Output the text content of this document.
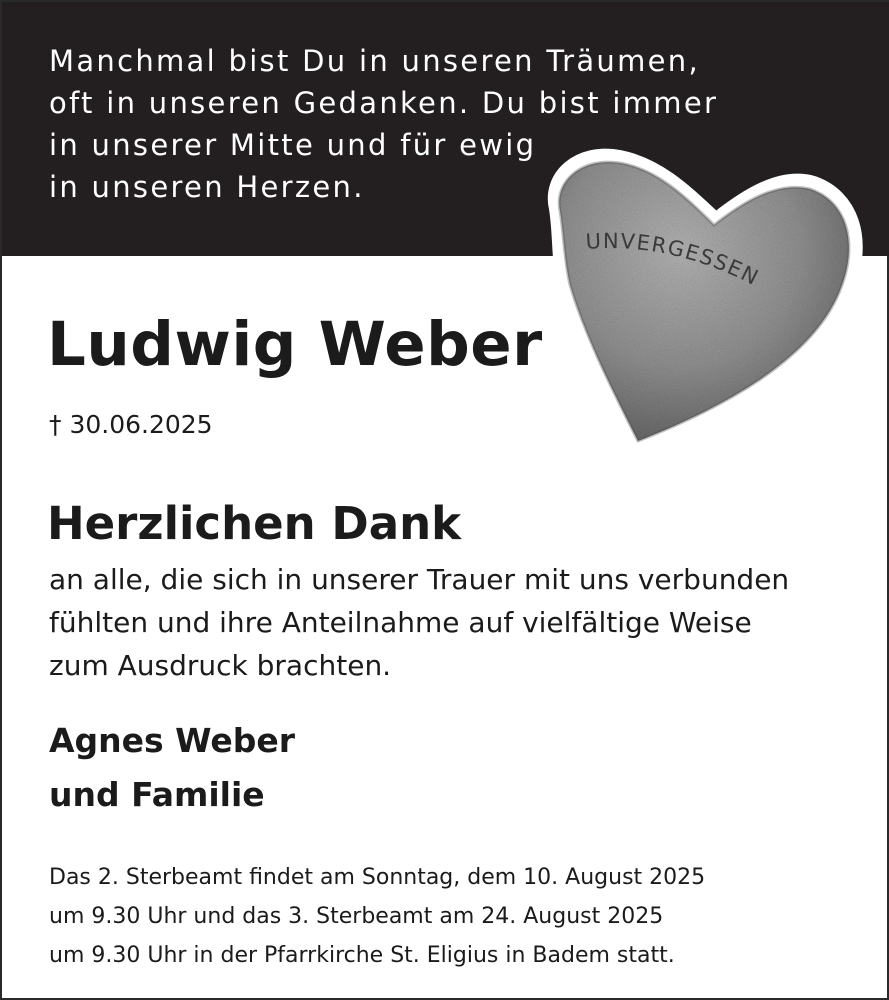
Manchmal bist Du in unseren Träumen,
oft in unseren Gedanken. Du bist immer
in unserer Mitte und für ewig
in unseren Herzen.

UNVERGESSEN
Ludwig Weber
† 30.06.2025
Herzlichen Dank

an alle, die sich in unserer Trauer mit uns verbunden
fühlten und ihre Anteilnahme auf vielfältige Weise
zum Ausdruck brachten.

Agnes Weber
und Familie

Das 2. Sterbeamt findet am Sonntag, dem 10. August 2025
um 9.30 Uhr und das 3. Sterbeamt am 24. August 2025
um 9.30 Uhr in der Pfarrkirche St. Eligius in Badem statt.
